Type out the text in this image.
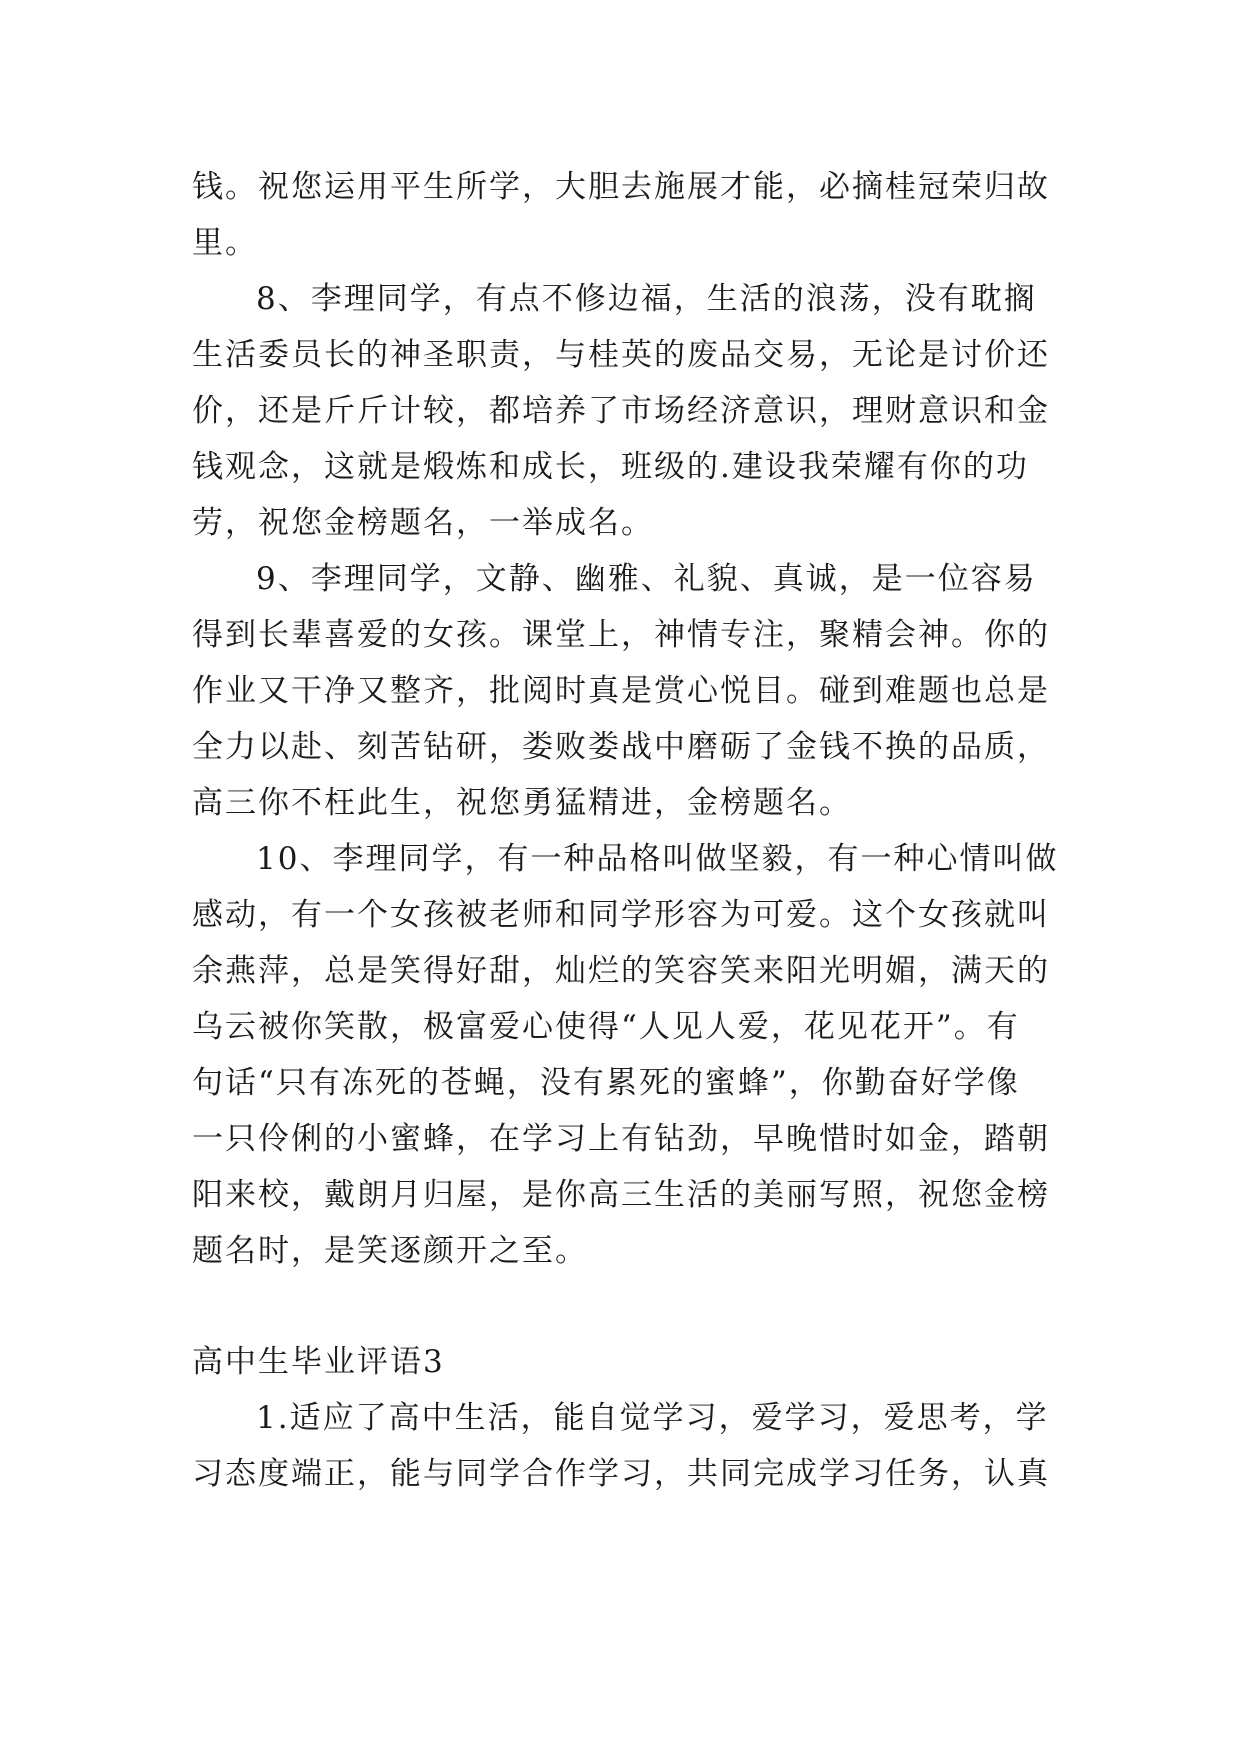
钱。祝您运用平生所学，大胆去施展才能，必摘桂冠荣归故
里。
8、李理同学，有点不修边福，生活的浪荡，没有耽搁
生活委员长的神圣职责，与桂英的废品交易，无论是讨价还
价，还是斤斤计较，都培养了市场经济意识，理财意识和金
钱观念，这就是煅炼和成长，班级的.建设我荣耀有你的功
劳，祝您金榜题名，一举成名。
9、李理同学，文静、幽雅、礼貌、真诚，是一位容易
得到长辈喜爱的女孩。课堂上，神情专注，聚精会神。你的
作业又干净又整齐，批阅时真是赏心悦目。碰到难题也总是
全力以赴、刻苦钻研，娄败娄战中磨砺了金钱不换的品质，
高三你不枉此生，祝您勇猛精进，金榜题名。
10、李理同学，有一种品格叫做坚毅，有一种心情叫做
感动，有一个女孩被老师和同学形容为可爱。这个女孩就叫
余燕萍，总是笑得好甜，灿烂的笑容笑来阳光明媚，满天的
乌云被你笑散，极富爱心使得“人见人爱，花见花开”。有
句话“只有冻死的苍蝇，没有累死的蜜蜂”，你勤奋好学像
一只伶俐的小蜜蜂，在学习上有钻劲，早晚惜时如金，踏朝
阳来校，戴朗月归屋，是你高三生活的美丽写照，祝您金榜
题名时，是笑逐颜开之至。
高中生毕业评语3
1.适应了高中生活，能自觉学习，爱学习，爱思考，学
习态度端正，能与同学合作学习，共同完成学习任务，认真
